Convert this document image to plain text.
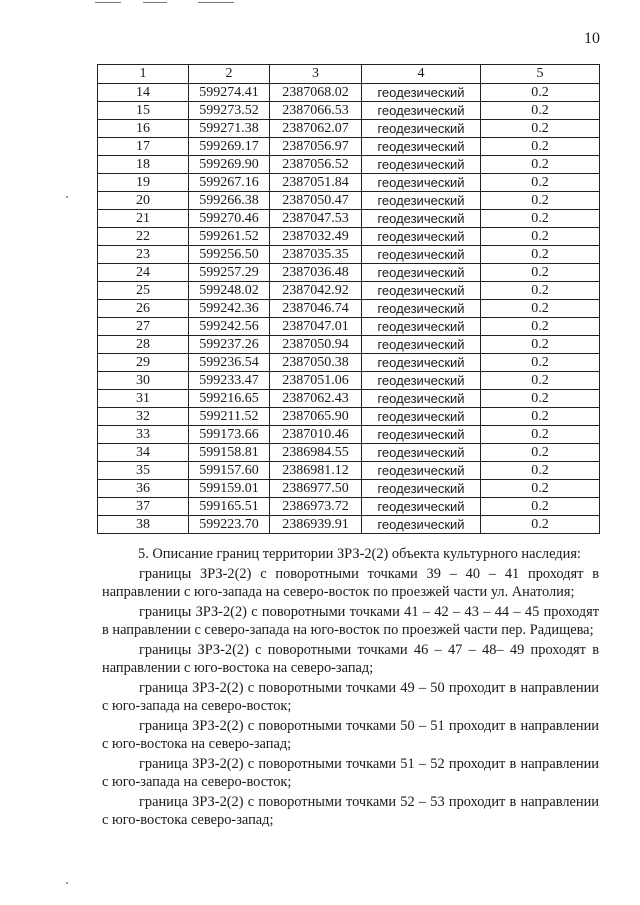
10
1	2	3	4	5
14	599274.41	2387068.02	геодезический	0.2
15	599273.52	2387066.53	геодезический	0.2
16	599271.38	2387062.07	геодезический	0.2
17	599269.17	2387056.97	геодезический	0.2
18	599269.90	2387056.52	геодезический	0.2
19	599267.16	2387051.84	геодезический	0.2
20	599266.38	2387050.47	геодезический	0.2
21	599270.46	2387047.53	геодезический	0.2
22	599261.52	2387032.49	геодезический	0.2
23	599256.50	2387035.35	геодезический	0.2
24	599257.29	2387036.48	геодезический	0.2
25	599248.02	2387042.92	геодезический	0.2
26	599242.36	2387046.74	геодезический	0.2
27	599242.56	2387047.01	геодезический	0.2
28	599237.26	2387050.94	геодезический	0.2
29	599236.54	2387050.38	геодезический	0.2
30	599233.47	2387051.06	геодезический	0.2
31	599216.65	2387062.43	геодезический	0.2
32	599211.52	2387065.90	геодезический	0.2
33	599173.66	2387010.46	геодезический	0.2
34	599158.81	2386984.55	геодезический	0.2
35	599157.60	2386981.12	геодезический	0.2
36	599159.01	2386977.50	геодезический	0.2
37	599165.51	2386973.72	геодезический	0.2
38	599223.70	2386939.91	геодезический	0.2

5. Описание границ территории ЗРЗ-2(2) объекта культурного наследия:

границы ЗРЗ-2(2) с поворотными точками 39 – 40 – 41 проходят в направлении с юго-запада на северо-восток по проезжей части ул. Анатолия;

границы ЗРЗ-2(2) с поворотными точками 41 – 42 – 43 – 44 – 45 проходят в направлении с северо-запада на юго-восток по проезжей части пер. Радищева;

границы ЗРЗ-2(2) с поворотными точками 46 – 47 – 48– 49 проходят в направлении с юго-востока на северо-запад;

граница ЗРЗ-2(2) с поворотными точками 49 – 50 проходит в направлении с юго-запада на северо-восток;

граница ЗРЗ-2(2) с поворотными точками 50 – 51 проходит в направлении с юго-востока на северо-запад;

граница ЗРЗ-2(2) с поворотными точками 51 – 52 проходит в направлении с юго-запада на северо-восток;

граница ЗРЗ-2(2) с поворотными точками 52 – 53 проходит в направлении с юго-востока северо-запад;
